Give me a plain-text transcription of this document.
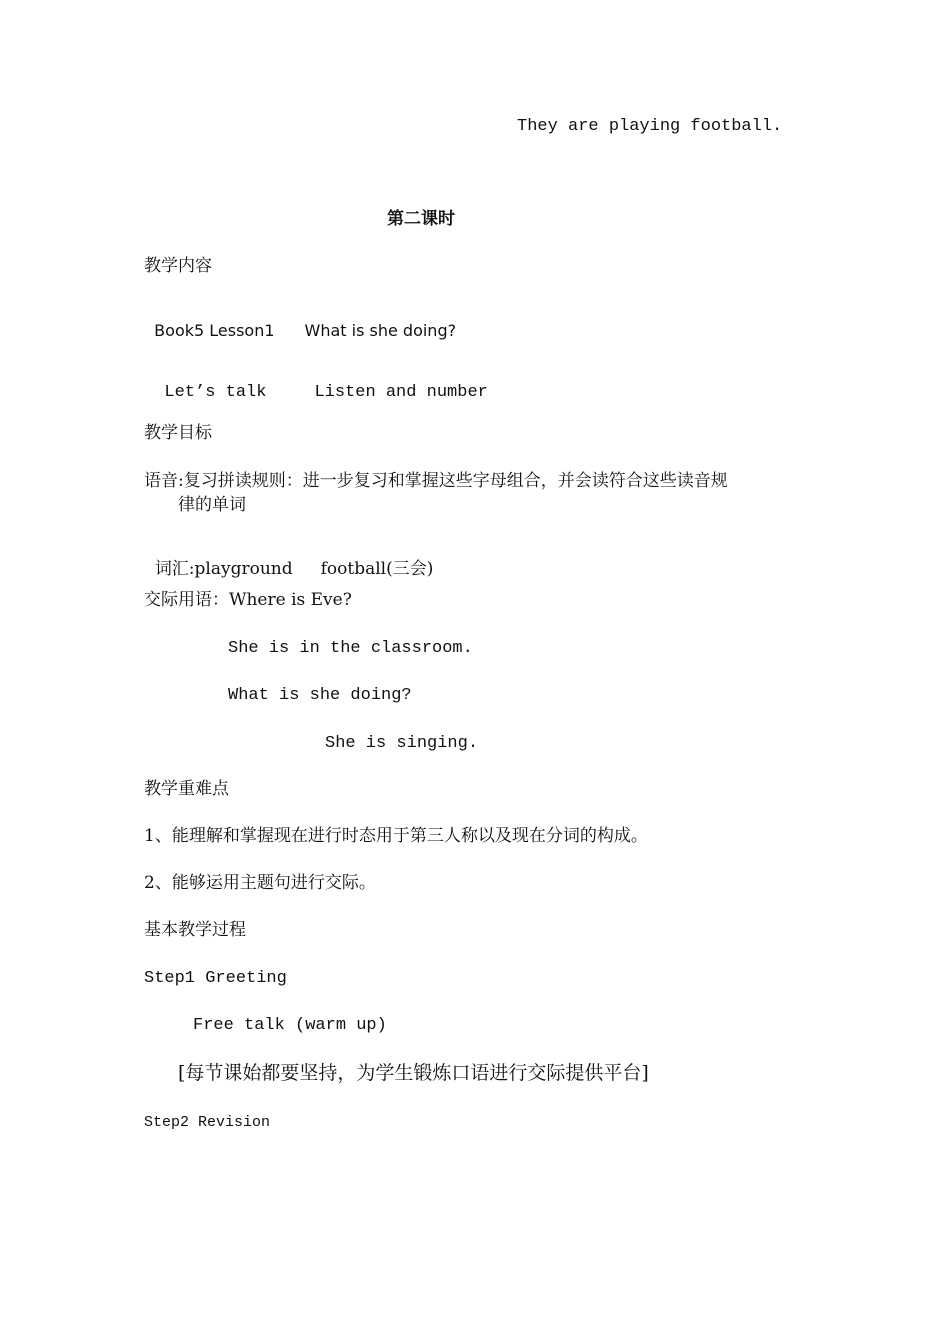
They are playing football.
第二课时
教学内容

Book5 Lesson1 What is she doing?

Let’s talk	Listen and number

教学目标
语音:复习拼读规则：进一步复习和掌握这些字母组合，并会读符合这些读音规
律的单词

词汇:playground football(三会)

交际用语：Where is Eve?
She is in the classroom.
What is she doing?
She is singing.
教学重难点
1、能理解和掌握现在进行时态用于第三人称以及现在分词的构成。
2、能够运用主题句进行交际。
基本教学过程
Step1 Greeting
Free talk (warm up)
[每节课始都要坚持，为学生锻炼口语进行交际提供平台]
Step2 Revision
